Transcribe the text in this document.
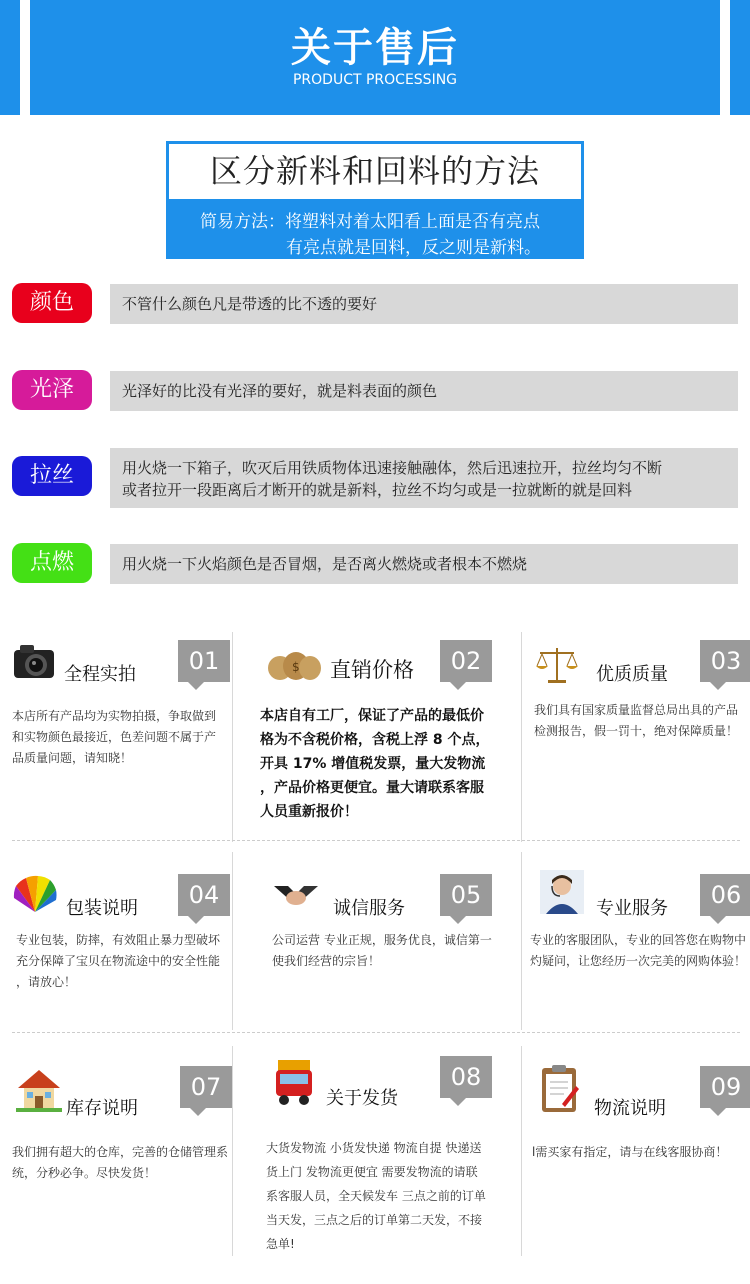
关于售后
PRODUCT PROCESSING
区分新料和回料的方法
简易方法：将塑料对着太阳看上面是否有亮点
有亮点就是回料，反之则是新料。
颜色	不管什么颜色凡是带透的比不透的要好
光泽	光泽好的比没有光泽的要好，就是料表面的颜色
拉丝	用火烧一下箱子，吹灭后用铁质物体迅速接触融体，然后迅速拉开，拉丝均匀不断
或者拉开一段距离后才断开的就是新料，拉丝不均匀或是一拉就断的就是回料
点燃	用火烧一下火焰颜色是否冒烟，是否离火燃烧或者根本不燃烧
全程实拍	01
本店所有产品均为实物拍摄，争取做到
和实物颜色最接近，色差问题不属于产
品质量问题，请知晓！
$ 直销价格	02
本店自有工厂，保证了产品的最低价
格为不含税价格，含税上浮 8 个点，
开具 17% 增值税发票，量大发物流
，产品价格更便宜。量大请联系客服
人员重新报价！
优质质量	03
我们具有国家质量监督总局出具的产品
检测报告，假一罚十，绝对保障质量！
包装说明	04
专业包装，防摔，有效阻止暴力型破坏
充分保障了宝贝在物流途中的安全性能
，请放心！
诚信服务	05
公司运营 专业正规，服务优良，诚信第一
使我们经营的宗旨！
专业服务	06
专业的客服团队，专业的回答您在购物中
灼疑问，让您经历一次完美的网购体验！
库存说明
07
我们拥有超大的仓库，完善的仓储管理系
统，分秒必争。尽快发货！
关于发货
08
大货发物流 小货发快递 物流自提 快递送
货上门 发物流更便宜 需要发物流的请联
系客服人员，全天候发车 三点之前的订单
当天发，三点之后的订单第二天发，不接
急单!
物流说明
09
l需买家有指定，请与在线客服协商！
